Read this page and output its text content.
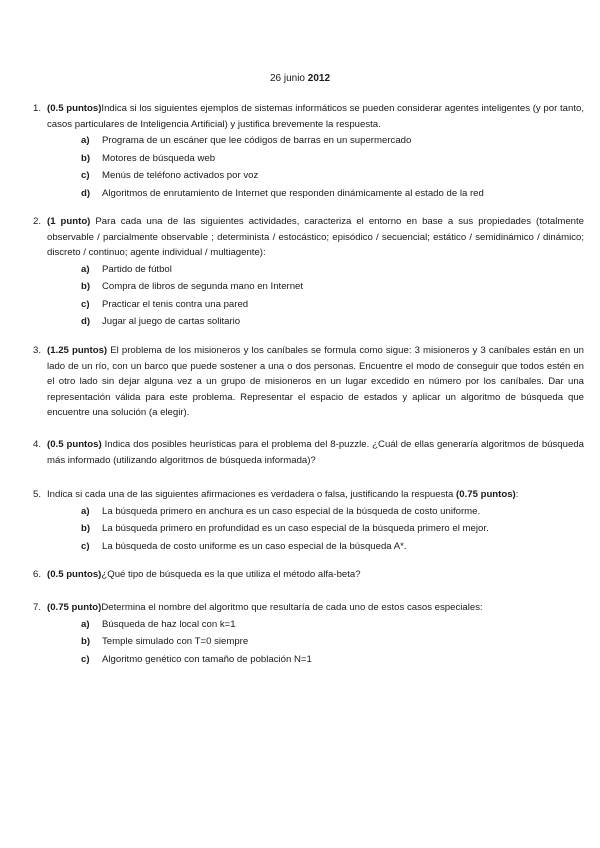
26 junio 2012
1. (0.5 puntos)Indica si los siguientes ejemplos de sistemas informáticos se pueden considerar agentes inteligentes (y por tanto, casos particulares de Inteligencia Artificial) y justifica brevemente la respuesta.
a) Programa de un escáner que lee códigos de barras en un supermercado
b) Motores de búsqueda web
c) Menús de teléfono activados por voz
d) Algoritmos de enrutamiento de Internet que responden dinámicamente al estado de la red
2. (1 punto) Para cada una de las siguientes actividades, caracteriza el entorno en base a sus propiedades (totalmente observable / parcialmente observable ; determinista / estocástico; episódico / secuencial; estático / semidinámico / dinámico; discreto / continuo; agente individual / multiagente):
a) Partido de fútbol
b) Compra de libros de segunda mano en Internet
c) Practicar el tenis contra una pared
d) Jugar al juego de cartas solitario
3. (1.25 puntos) El problema de los misioneros y los caníbales se formula como sigue: 3 misioneros y 3 caníbales están en un lado de un río, con un barco que puede sostener a una o dos personas. Encuentre el modo de conseguir que todos estén en el otro lado sin dejar alguna vez a un grupo de misioneros en un lugar excedido en número por los caníbales. Dar una representación válida para este problema. Representar el espacio de estados y aplicar un algoritmo de búsqueda que encuentre una solución (a elegir).
4. (0.5 puntos) Indica dos posibles heurísticas para el problema del 8-puzzle. ¿Cuál de ellas generaría algoritmos de búsqueda más informado (utilizando algoritmos de búsqueda informada)?
5. Indica si cada una de las siguientes afirmaciones es verdadera o falsa, justificando la respuesta (0.75 puntos):
a) La búsqueda primero en anchura es un caso especial de la búsqueda de costo uniforme.
b) La búsqueda primero en profundidad es un caso especial de la búsqueda primero el mejor.
c) La búsqueda de costo uniforme es un caso especial de la búsqueda A*.
6. (0.5 puntos)¿Qué tipo de búsqueda es la que utiliza el método alfa-beta?
7. (0.75 punto)Determina el nombre del algoritmo que resultaría de cada uno de estos casos especiales:
a) Búsqueda de haz local con k=1
b) Temple simulado con T=0 siempre
c) Algoritmo genético con tamaño de población N=1
